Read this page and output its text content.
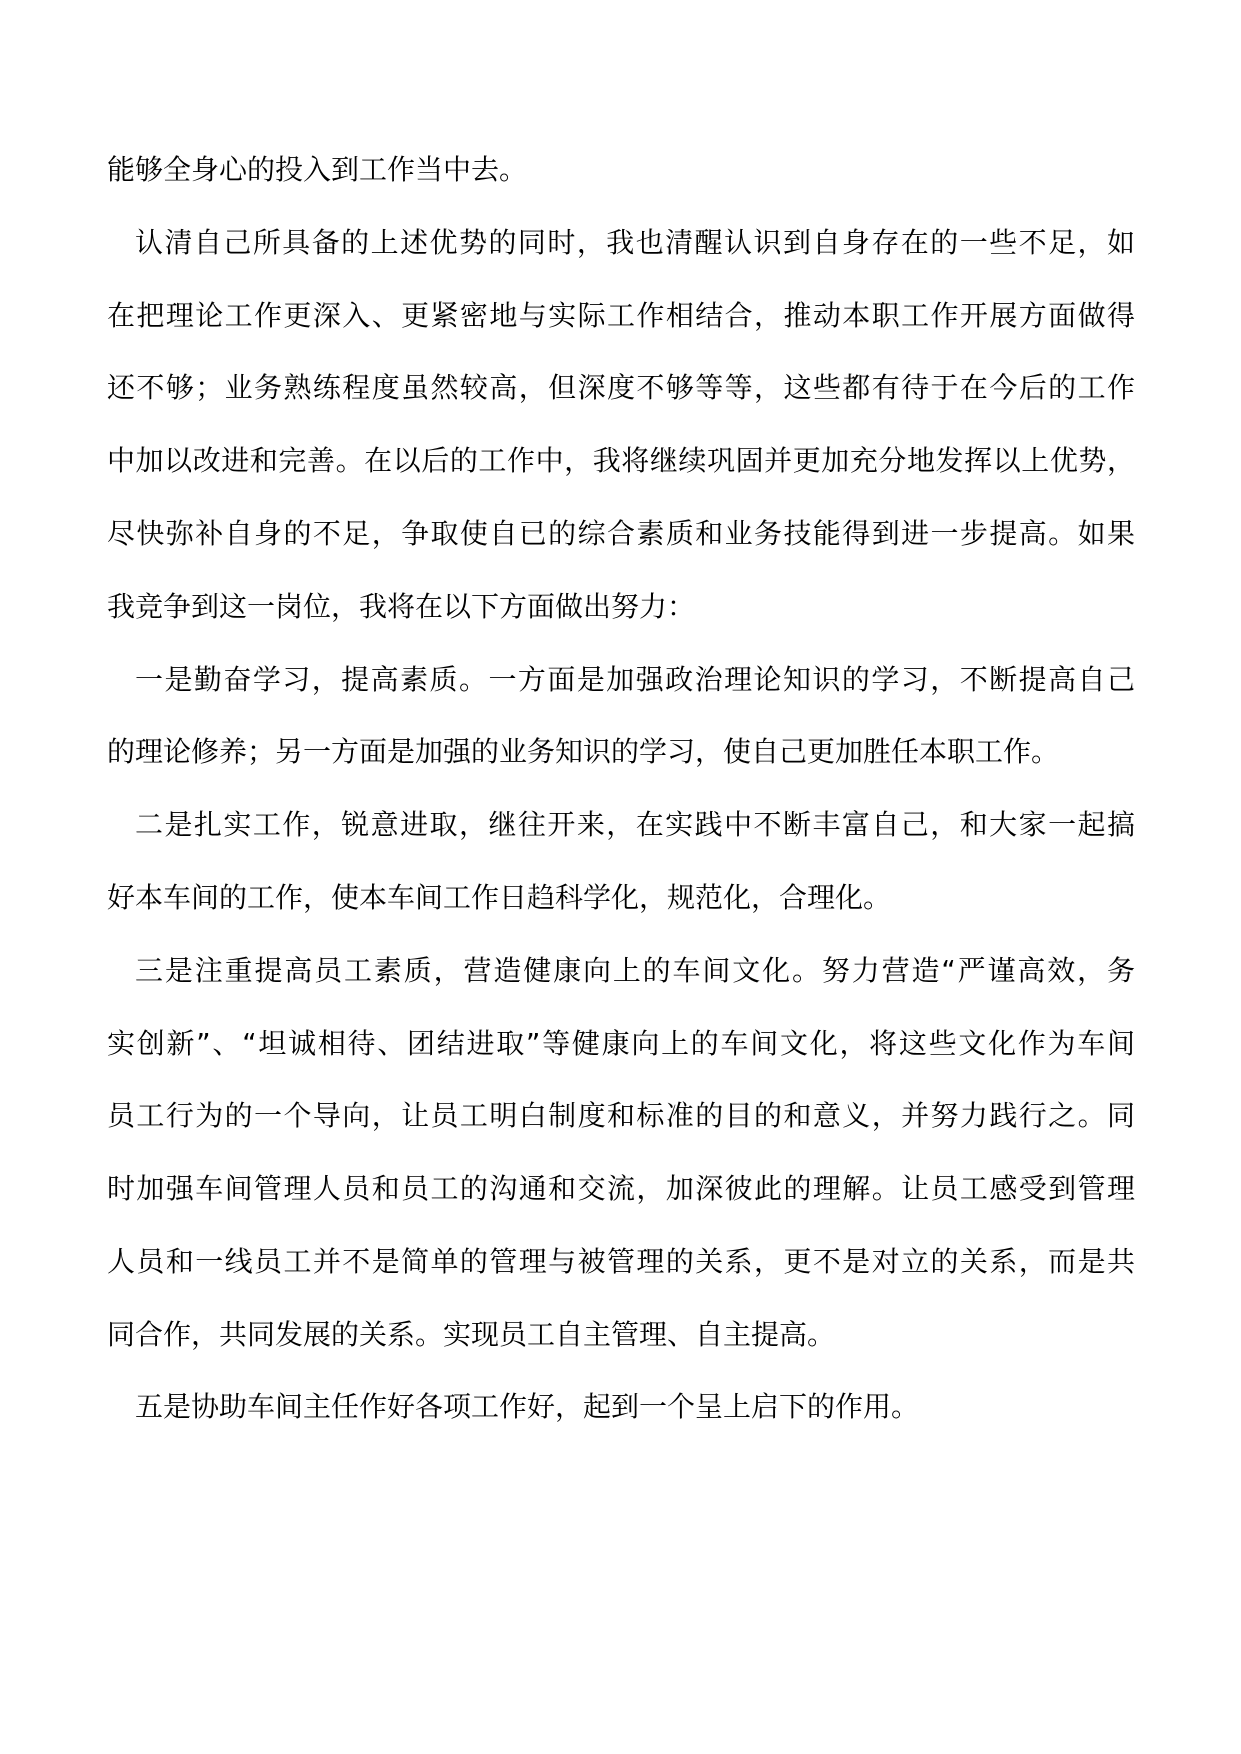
能够全身心的投入到工作当中去。
认清自己所具备的上述优势的同时，我也清醒认识到自身存在的一些不足，如
在把理论工作更深入、更紧密地与实际工作相结合，推动本职工作开展方面做得
还不够；业务熟练程度虽然较高，但深度不够等等，这些都有待于在今后的工作
中加以改进和完善。在以后的工作中，我将继续巩固并更加充分地发挥以上优势，
尽快弥补自身的不足，争取使自已的综合素质和业务技能得到进一步提高。如果
我竞争到这一岗位，我将在以下方面做出努力：
一是勤奋学习，提高素质。一方面是加强政治理论知识的学习，不断提高自己
的理论修养；另一方面是加强的业务知识的学习，使自己更加胜任本职工作。
二是扎实工作，锐意进取，继往开来，在实践中不断丰富自己，和大家一起搞
好本车间的工作，使本车间工作日趋科学化，规范化，合理化。
三是注重提高员工素质，营造健康向上的车间文化。努力营造“严谨高效，务
实创新”、“坦诚相待、团结进取”等健康向上的车间文化，将这些文化作为车间
员工行为的一个导向，让员工明白制度和标准的目的和意义，并努力践行之。同
时加强车间管理人员和员工的沟通和交流，加深彼此的理解。让员工感受到管理
人员和一线员工并不是简单的管理与被管理的关系，更不是对立的关系，而是共
同合作，共同发展的关系。实现员工自主管理、自主提高。
五是协助车间主任作好各项工作好，起到一个呈上启下的作用。
